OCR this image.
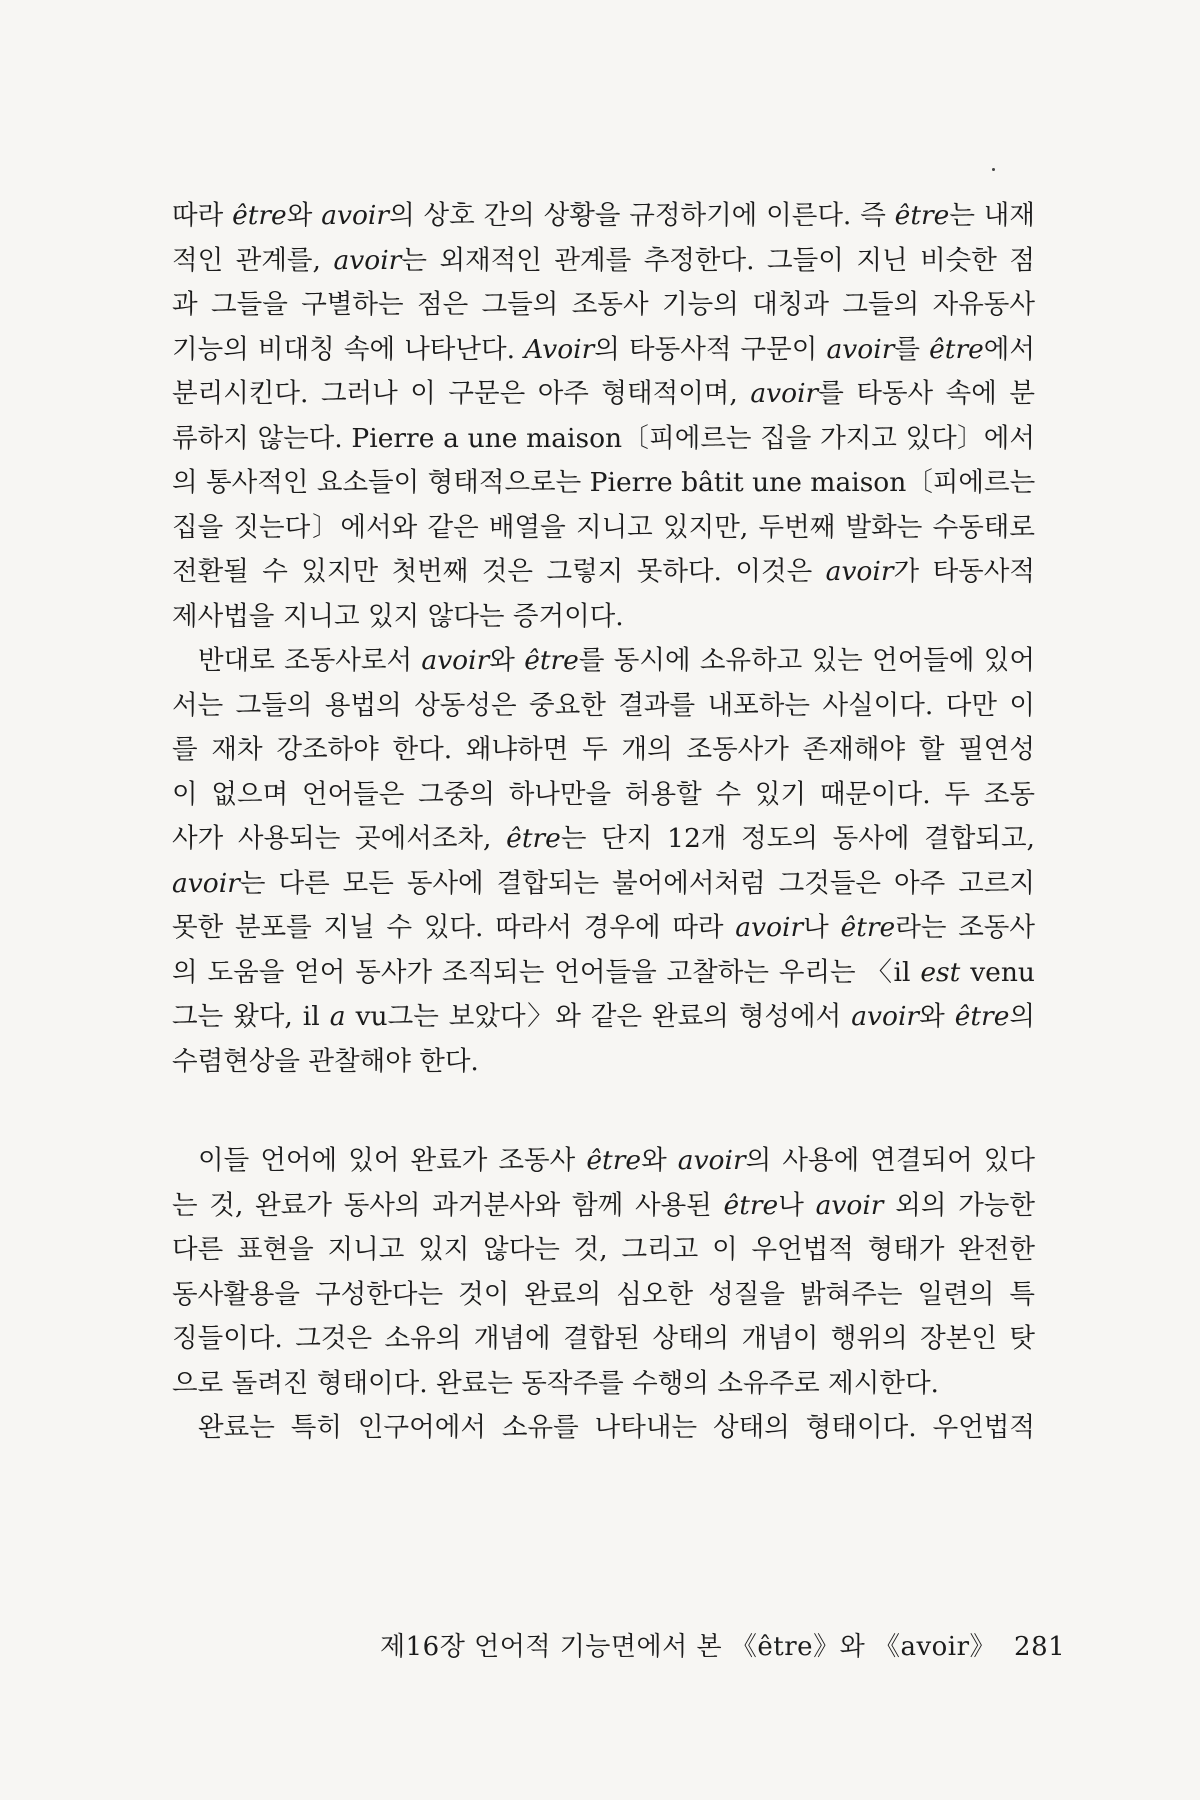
따라 être와 avoir의 상호 간의 상황을 규정하기에 이른다. 즉 être는 내재
적인 관계를, avoir는 외재적인 관계를 추정한다. 그들이 지닌 비슷한 점
과 그들을 구별하는 점은 그들의 조동사 기능의 대칭과 그들의 자유동사
기능의 비대칭 속에 나타난다. Avoir의 타동사적 구문이 avoir를 être에서
분리시킨다. 그러나 이 구문은 아주 형태적이며, avoir를 타동사 속에 분
류하지 않는다. Pierre a une maison〔피에르는 집을 가지고 있다〕에서
의 통사적인 요소들이 형태적으로는 Pierre bâtit une maison〔피에르는
집을 짓는다〕에서와 같은 배열을 지니고 있지만, 두번째 발화는 수동태로
전환될 수 있지만 첫번째 것은 그렇지 못하다. 이것은 avoir가 타동사적
제사법을 지니고 있지 않다는 증거이다.
반대로 조동사로서 avoir와 être를 동시에 소유하고 있는 언어들에 있어
서는 그들의 용법의 상동성은 중요한 결과를 내포하는 사실이다. 다만 이
를 재차 강조하야 한다. 왜냐하면 두 개의 조동사가 존재해야 할 필연성
이 없으며 언어들은 그중의 하나만을 허용할 수 있기 때문이다. 두 조동
사가 사용되는 곳에서조차, être는 단지 12개 정도의 동사에 결합되고,
avoir는 다른 모든 동사에 결합되는 불어에서처럼 그것들은 아주 고르지
못한 분포를 지닐 수 있다. 따라서 경우에 따라 avoir나 être라는 조동사
의 도움을 얻어 동사가 조직되는 언어들을 고찰하는 우리는 〈il est venu
그는 왔다, il a vu그는 보았다〉와 같은 완료의 형성에서 avoir와 être의
수렴현상을 관찰해야 한다.
이들 언어에 있어 완료가 조동사 être와 avoir의 사용에 연결되어 있다
는 것, 완료가 동사의 과거분사와 함께 사용된 être나 avoir 외의 가능한
다른 표현을 지니고 있지 않다는 것, 그리고 이 우언법적 형태가 완전한
동사활용을 구성한다는 것이 완료의 심오한 성질을 밝혀주는 일련의 특
징들이다. 그것은 소유의 개념에 결합된 상태의 개념이 행위의 장본인 탓
으로 돌려진 형태이다. 완료는 동작주를 수행의 소유주로 제시한다.
완료는 특히 인구어에서 소유를 나타내는 상태의 형태이다. 우언법적
제16장 언어적 기능면에서 본 《être》와 《avoir》 281
